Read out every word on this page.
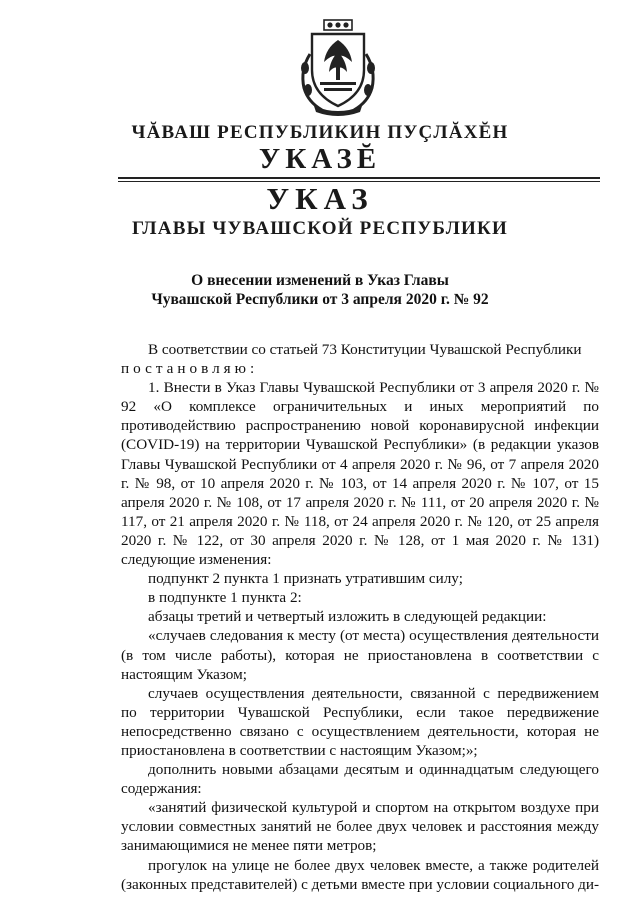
ЧĂВАШ РЕСПУБЛИКИН ПУÇЛĂХĔН
УКАЗĔ
УКАЗ
ГЛАВЫ ЧУВАШСКОЙ РЕСПУБЛИКИ
О внесении изменений в Указ Главы
Чувашской Республики от 3 апреля 2020 г. № 92

В соответствии со статьей 73 Конституции Чувашской Республики

постановляю:

1. Внести в Указ Главы Чувашской Республики от 3 апреля 2020 г. № 92 «О комплексе ограничительных и иных мероприятий по противодействию распространению новой коронавирусной инфекции (COVID-19) на территории Чувашской Республики» (в редакции указов Главы Чувашской Республики от 4 апреля 2020 г. № 96, от 7 апреля 2020 г. № 98, от 10 апреля 2020 г. № 103, от 14 апреля 2020 г. № 107, от 15 апреля 2020 г. № 108, от 17 апреля 2020 г. № 111, от 20 апреля 2020 г. № 117, от 21 апреля 2020 г. № 118, от 24 апреля 2020 г. № 120, от 25 апреля 2020 г. № 122, от 30 апреля 2020 г. № 128, от 1 мая 2020 г. № 131) следующие изменения:

подпункт 2 пункта 1 признать утратившим силу;

в подпункте 1 пункта 2:

абзацы третий и четвертый изложить в следующей редакции:

«случаев следования к месту (от места) осуществления деятельности (в том числе работы), которая не приостановлена в соответствии с настоящим Указом;

случаев осуществления деятельности, связанной с передвижением по территории Чувашской Республики, если такое передвижение непосредственно связано с осуществлением деятельности, которая не приостановлена в соответствии с настоящим Указом;»;

дополнить новыми абзацами десятым и одиннадцатым следующего содержания:

«занятий физической культурой и спортом на открытом воздухе при условии совместных занятий не более двух человек и расстояния между занимающимися не менее пяти метров;

прогулок на улице не более двух человек вместе, а также родителей (законных представителей) с детьми вместе при условии социального ди-
